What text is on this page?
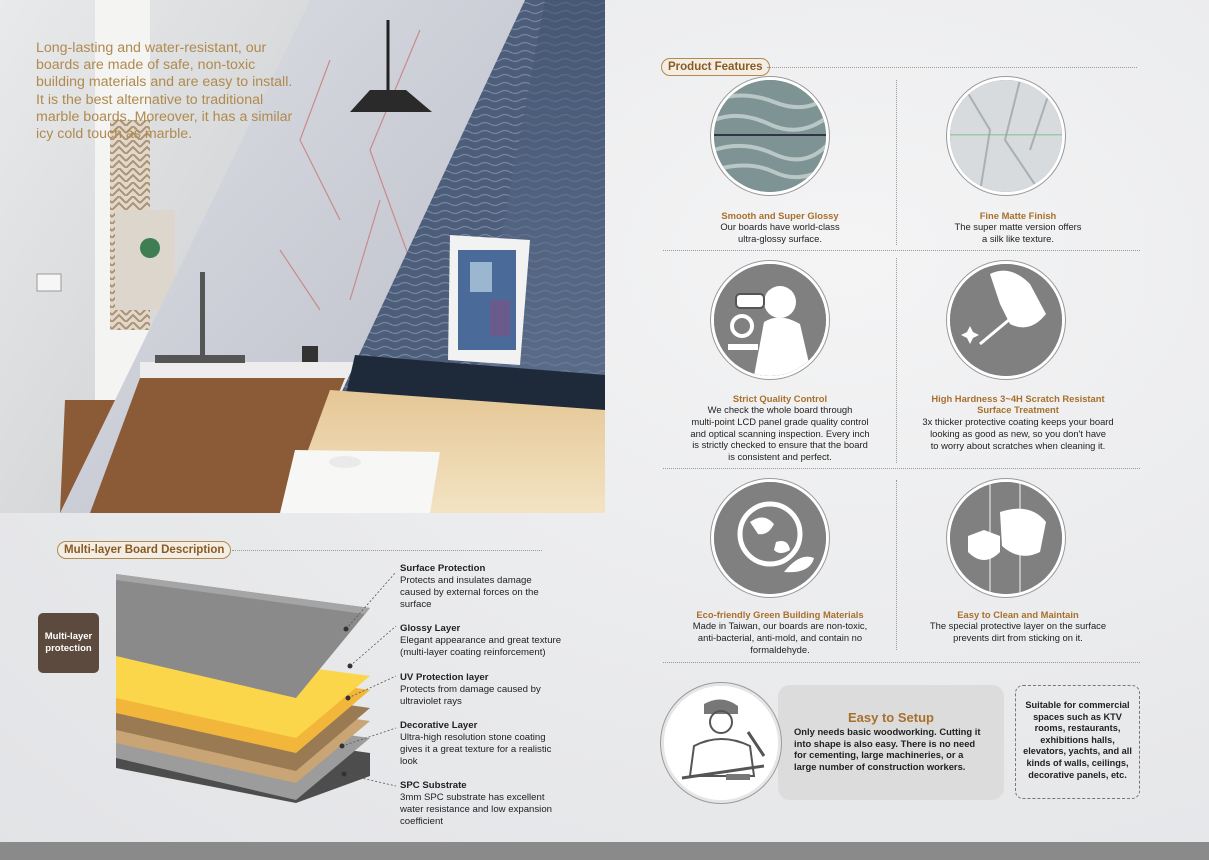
Long-lasting and water-resistant, our boards are made of safe, non-toxic building materials and are easy to install. It is the best alternative to traditional marble boards. Moreover, it has a similar icy cold touch as marble.

Product Features
Smooth and Super Glossy
Our boards have world-class
ultra-glossy surface.
Fine Matte Finish
The super matte version offers
a silk like texture.
Strict Quality Control
We check the whole board through
multi-point LCD panel grade quality control
and optical scanning inspection. Every inch
is strictly checked to ensure that the board
is consistent and perfect.
High Hardness 3~4H Scratch Resistant
Surface Treatment
3x thicker protective coating keeps your board
looking as good as new, so you don't have
to worry about scratches when cleaning it.
Eco-friendly Green Building Materials
Made in Taiwan, our boards are non-toxic,
anti-bacterial, anti-mold, and contain no
formaldehyde.
Easy to Clean and Maintain
The special protective layer on the surface
prevents dirt from sticking on it.
Multi-layer Board Description
Multi-layer
protection
Surface Protection
Protects and insulates damage
caused by external forces on the
surface
Glossy Layer
Elegant appearance and great texture
(multi-layer coating reinforcement)
UV Protection layer
Protects from damage caused by
ultraviolet rays
Decorative Layer
Ultra-high resolution stone coating
gives it a great texture for a realistic
look
SPC Substrate
3mm SPC substrate has excellent
water resistance and low expansion
coefficient
Easy to Setup
Only needs basic woodworking. Cutting it
into shape is also easy. There is no need
for cementing, large machineries, or a
large number of construction workers.
Suitable for commercial
spaces such as KTV
rooms, restaurants,
exhibitions halls,
elevators, yachts, and all
kinds of walls, ceilings,
decorative panels, etc.
